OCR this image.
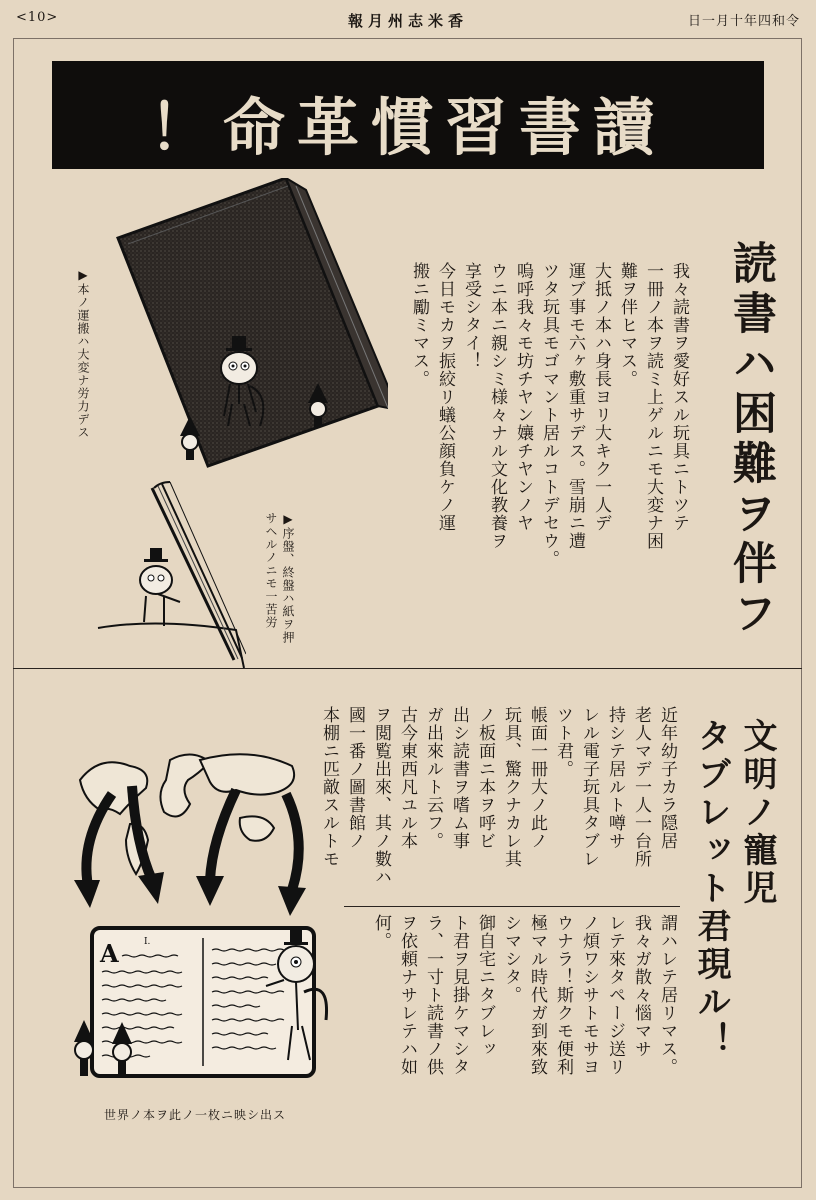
<10>	報月州志米香	日一月十年四和令
！命革慣習書讀
読書ハ困難ヲ伴フ
我々読書ヲ愛好スル玩具ニトツテ
一冊ノ本ヲ読ミ上ゲルニモ大変ナ困
難ヲ伴ヒマス。
大抵ノ本ハ身長ヨリ大キク一人デ
運ブ事モ六ヶ敷重サデス。雪崩ニ遭
ツタ玩具モゴマント居ルコトデセウ。
嗚呼我々モ坊チヤン孃チヤンノヤ
ウニ本ニ親シミ様々ナル文化教養ヲ
享受シタイ！
今日モカヲ振絞リ蟻公顔負ケノ運
搬ニ勵ミマス。
▶本ノ運搬ハ大変ナ労力デス
▶序盤、終盤ハ紙ヲ押
サヘルノニモ一苦労
文明ノ寵児
タブレット君現ル！
近年幼子カラ隠居
老人マデ一人一台所
持シテ居ルト噂サ
レル電子玩具タブレ
ツト君。
帳面一冊大ノ此ノ
玩具、驚クナカレ其
ノ板面ニ本ヲ呼ビ
出シ読書ヲ嗜ム事
ガ出來ルト云フ。
古今東西凡ユル本
ヲ閲覧出來、其ノ數ハ
國一番ノ圖書館ノ
本棚ニ匹敵スルトモ
謂ハレテ居リマス。
我々ガ散々惱マサ
レテ來タページ送リ
ノ煩ワシサトモサヨ
ウナラ！斯クモ便利
極マル時代ガ到來致
シマシタ。
御自宅ニタブレッ
ト君ヲ見掛ケマシタ
ラ、一寸ト読書ノ供
ヲ依頼ナサレテハ如
何。
A	I.
世界ノ本ヲ此ノ一枚ニ映シ出ス
